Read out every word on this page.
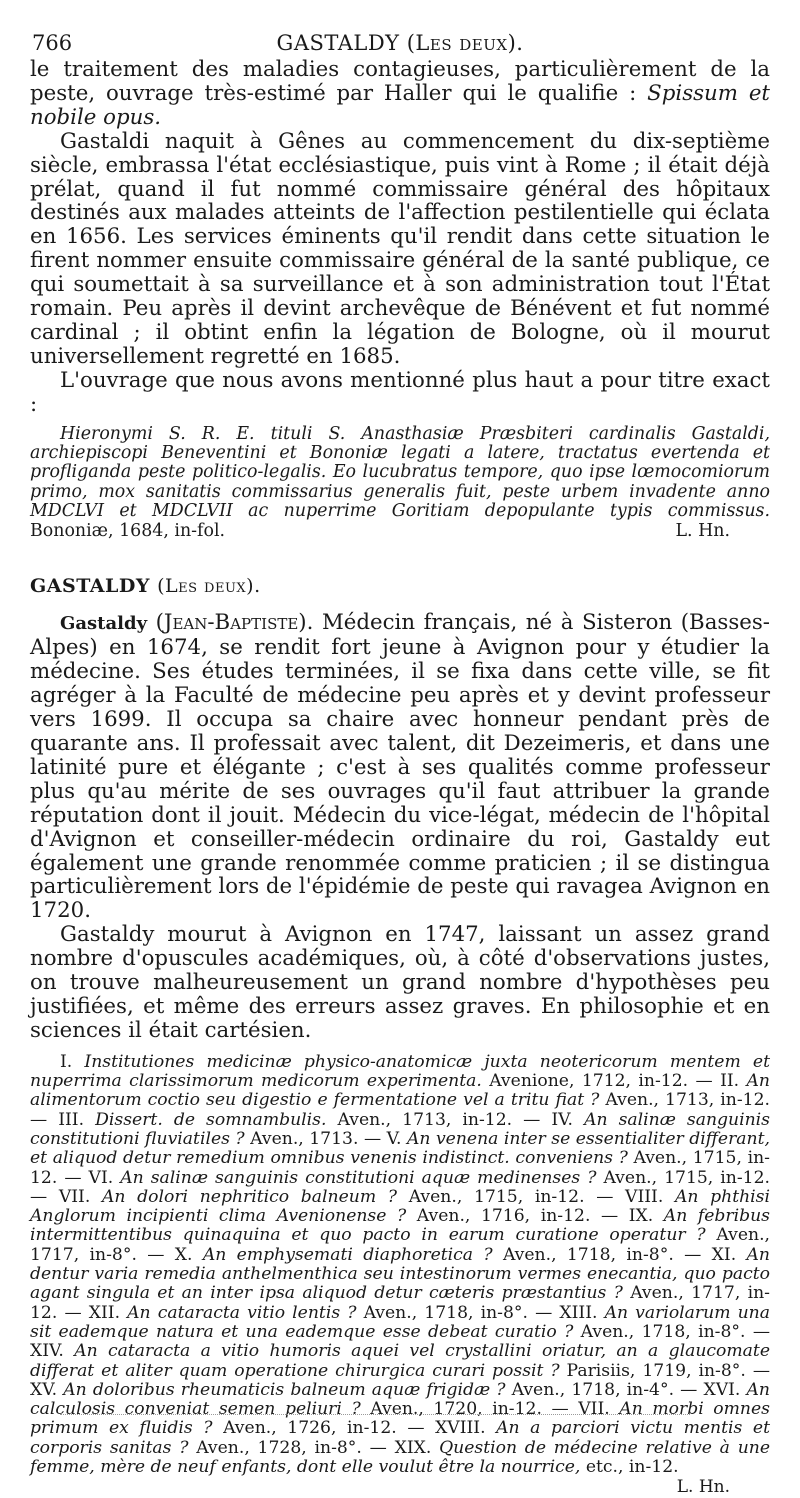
766	GASTALDY (Les deux).

le traitement des maladies contagieuses, particulièrement de la peste, ouvrage très-estimé par Haller qui le qualifie : Spissum et nobile opus.

Gastaldi naquit à Gênes au commencement du dix-septième siècle, embrassa l'état ecclésiastique, puis vint à Rome ; il était déjà prélat, quand il fut nommé commissaire général des hôpitaux destinés aux malades atteints de l'affection pestilentielle qui éclata en 1656. Les services éminents qu'il rendit dans cette situation le firent nommer ensuite commissaire général de la santé publique, ce qui soumettait à sa surveillance et à son administration tout l'État romain. Peu après il devint archevêque de Bénévent et fut nommé cardinal ; il obtint enfin la légation de Bologne, où il mourut universellement regretté en 1685.

L'ouvrage que nous avons mentionné plus haut a pour titre exact :

Hieronymi S. R. E. tituli S. Anasthasiæ Præsbiteri cardinalis Gastaldi, archiepiscopi Beneventini et Bononiæ legati a latere, tractatus evertenda et profliganda peste politico-legalis. Eo lucubratus tempore, quo ipse lœmocomiorum primo, mox sanitatis commissarius generalis fuit, peste urbem invadente anno MDCLVI et MDCLVII ac nuperrime Goritiam depopulante typis commissus. Bononiæ, 1684, in-fol.	L. Hn.

GASTALDY (Les deux).

Gastaldy (Jean-Baptiste). Médecin français, né à Sisteron (Basses-Alpes) en 1674, se rendit fort jeune à Avignon pour y étudier la médecine. Ses études terminées, il se fixa dans cette ville, se fit agréger à la Faculté de médecine peu après et y devint professeur vers 1699. Il occupa sa chaire avec honneur pendant près de quarante ans. Il professait avec talent, dit Dezeimeris, et dans une latinité pure et élégante ; c'est à ses qualités comme professeur plus qu'au mérite de ses ouvrages qu'il faut attribuer la grande réputation dont il jouit. Médecin du vice-légat, médecin de l'hôpital d'Avignon et conseiller-médecin ordinaire du roi, Gastaldy eut également une grande renommée comme praticien ; il se distingua particulièrement lors de l'épidémie de peste qui ravagea Avignon en 1720.

Gastaldy mourut à Avignon en 1747, laissant un assez grand nombre d'opuscules académiques, où, à côté d'observations justes, on trouve malheureusement un grand nombre d'hypothèses peu justifiées, et même des erreurs assez graves. En philosophie et en sciences il était cartésien.

I. Institutiones medicinæ physico-anatomicæ juxta neotericorum mentem et nuperrima clarissimorum medicorum experimenta. Avenione, 1712, in-12. — II. An alimentorum coctio seu digestio e fermentatione vel a tritu fiat ? Aven., 1713, in-12. — III. Dissert. de somnambulis. Aven., 1713, in-12. — IV. An salinæ sanguinis constitutioni fluviatiles ? Aven., 1713. — V. An venena inter se essentialiter differant, et aliquod detur remedium omnibus venenis indistinct. conveniens ? Aven., 1715, in-12. — VI. An salinæ sanguinis constitutioni aquæ medinenses ? Aven., 1715, in-12. — VII. An dolori nephritico balneum ? Aven., 1715, in-12. — VIII. An phthisi Anglorum incipienti clima Avenionense ? Aven., 1716, in-12. — IX. An febribus intermittentibus quinaquina et quo pacto in earum curatione operatur ? Aven., 1717, in-8°. — X. An emphysemati diaphoretica ? Aven., 1718, in-8°. — XI. An dentur varia remedia anthelmenthica seu intestinorum vermes enecantia, quo pacto agant singula et an inter ipsa aliquod detur cæteris præstantius ? Aven., 1717, in-12. — XII. An cataracta vitio lentis ? Aven., 1718, in-8°. — XIII. An variolarum una sit eademque natura et una eademque esse debeat curatio ? Aven., 1718, in-8°. — XIV. An cataracta a vitio humoris aquei vel crystallini oriatur, an a glaucomate differat et aliter quam operatione chirurgica curari possit ? Parisiis, 1719, in-8°. — XV. An doloribus rheumaticis balneum aquæ frigidæ ? Aven., 1718, in-4°. — XVI. An calculosis conveniat semen peliuri ? Aven., 1720, in-12. — VII. An morbi omnes primum ex fluidis ? Aven., 1726, in-12. — XVIII. An a parciori victu mentis et corporis sanitas ? Aven., 1728, in-8°. — XIX. Question de médecine relative à une femme, mère de neuf enfants, dont elle voulut être la nourrice, etc., in-12.

L. Hn.
